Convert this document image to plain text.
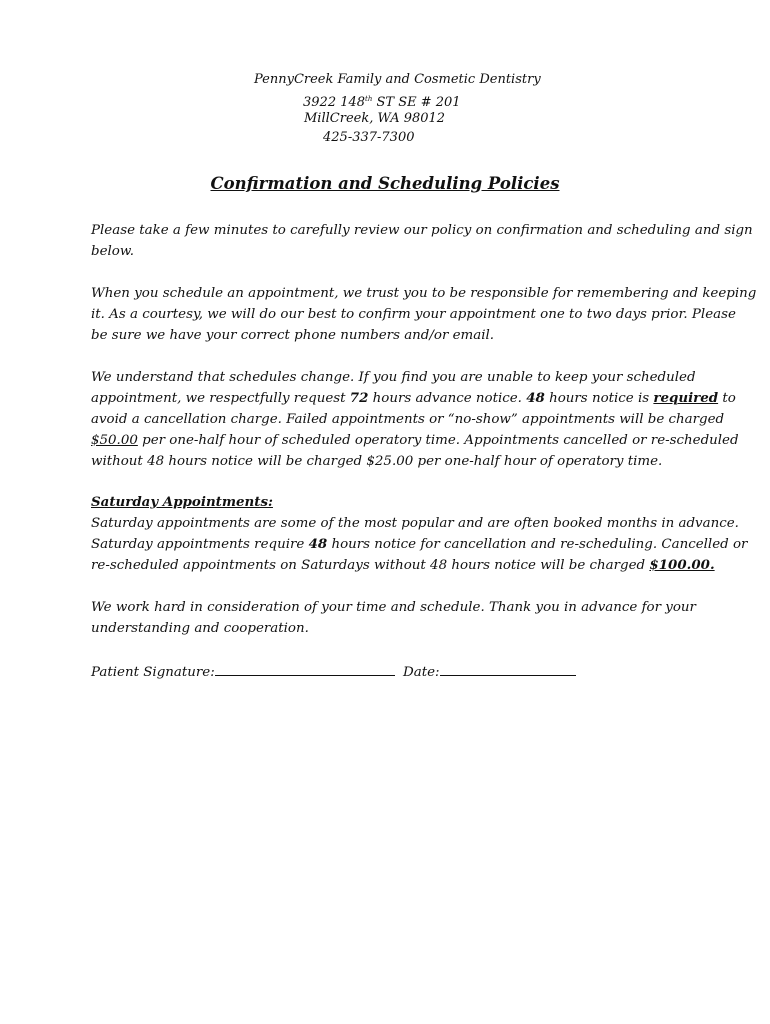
PennyCreek Family and Cosmetic Dentistry
3922 148th ST SE # 201
MillCreek, WA 98012
425-337-7300
Confirmation and Scheduling Policies
Please take a few minutes to carefully review our policy on confirmation and scheduling and sign
below.
When you schedule an appointment, we trust you to be responsible for remembering and keeping
it. As a courtesy, we will do our best to confirm your appointment one to two days prior. Please
be sure we have your correct phone numbers and/or email.
We understand that schedules change. If you find you are unable to keep your scheduled
appointment, we respectfully request 72 hours advance notice. 48 hours notice is required to
avoid a cancellation charge. Failed appointments or “no-show” appointments will be charged
$50.00 per one-half hour of scheduled operatory time. Appointments cancelled or re-scheduled
without 48 hours notice will be charged $25.00 per one-half hour of operatory time.
Saturday Appointments:
Saturday appointments are some of the most popular and are often booked months in advance.
Saturday appointments require 48 hours notice for cancellation and re-scheduling. Cancelled or
re-scheduled appointments on Saturdays without 48 hours notice will be charged $100.00.
We work hard in consideration of your time and schedule. Thank you in advance for your
understanding and cooperation.
Patient Signature:	Date:
